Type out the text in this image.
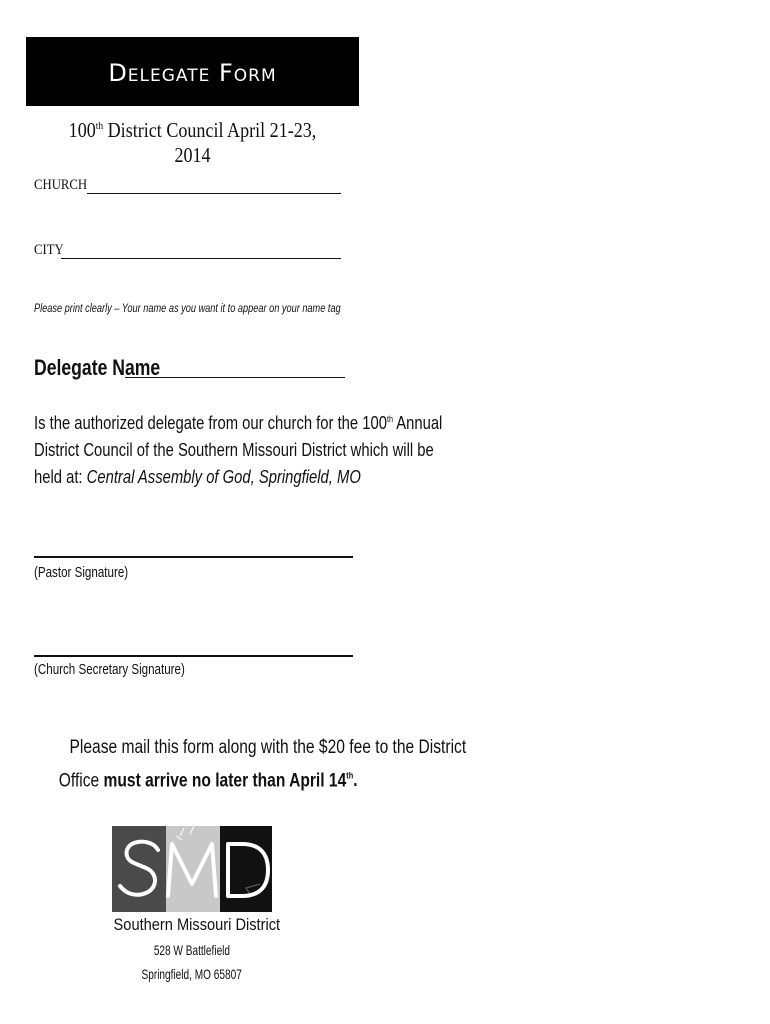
Delegate Form
100th District Council April 21-23, 2014
CHURCH
CITY
Please print clearly – Your name as you want it to appear on your name tag
Delegate Name
Is the authorized delegate from our church for the 100th Annual
District Council of the Southern Missouri District which will be
held at: Central Assembly of God, Springfield, MO
(Pastor Signature)
(Church Secretary Signature)
Please mail this form along with the $20 fee to the District
Office must arrive no later than April 14th.
Southern Missouri District
528 W Battlefield
Springfield, MO 65807
